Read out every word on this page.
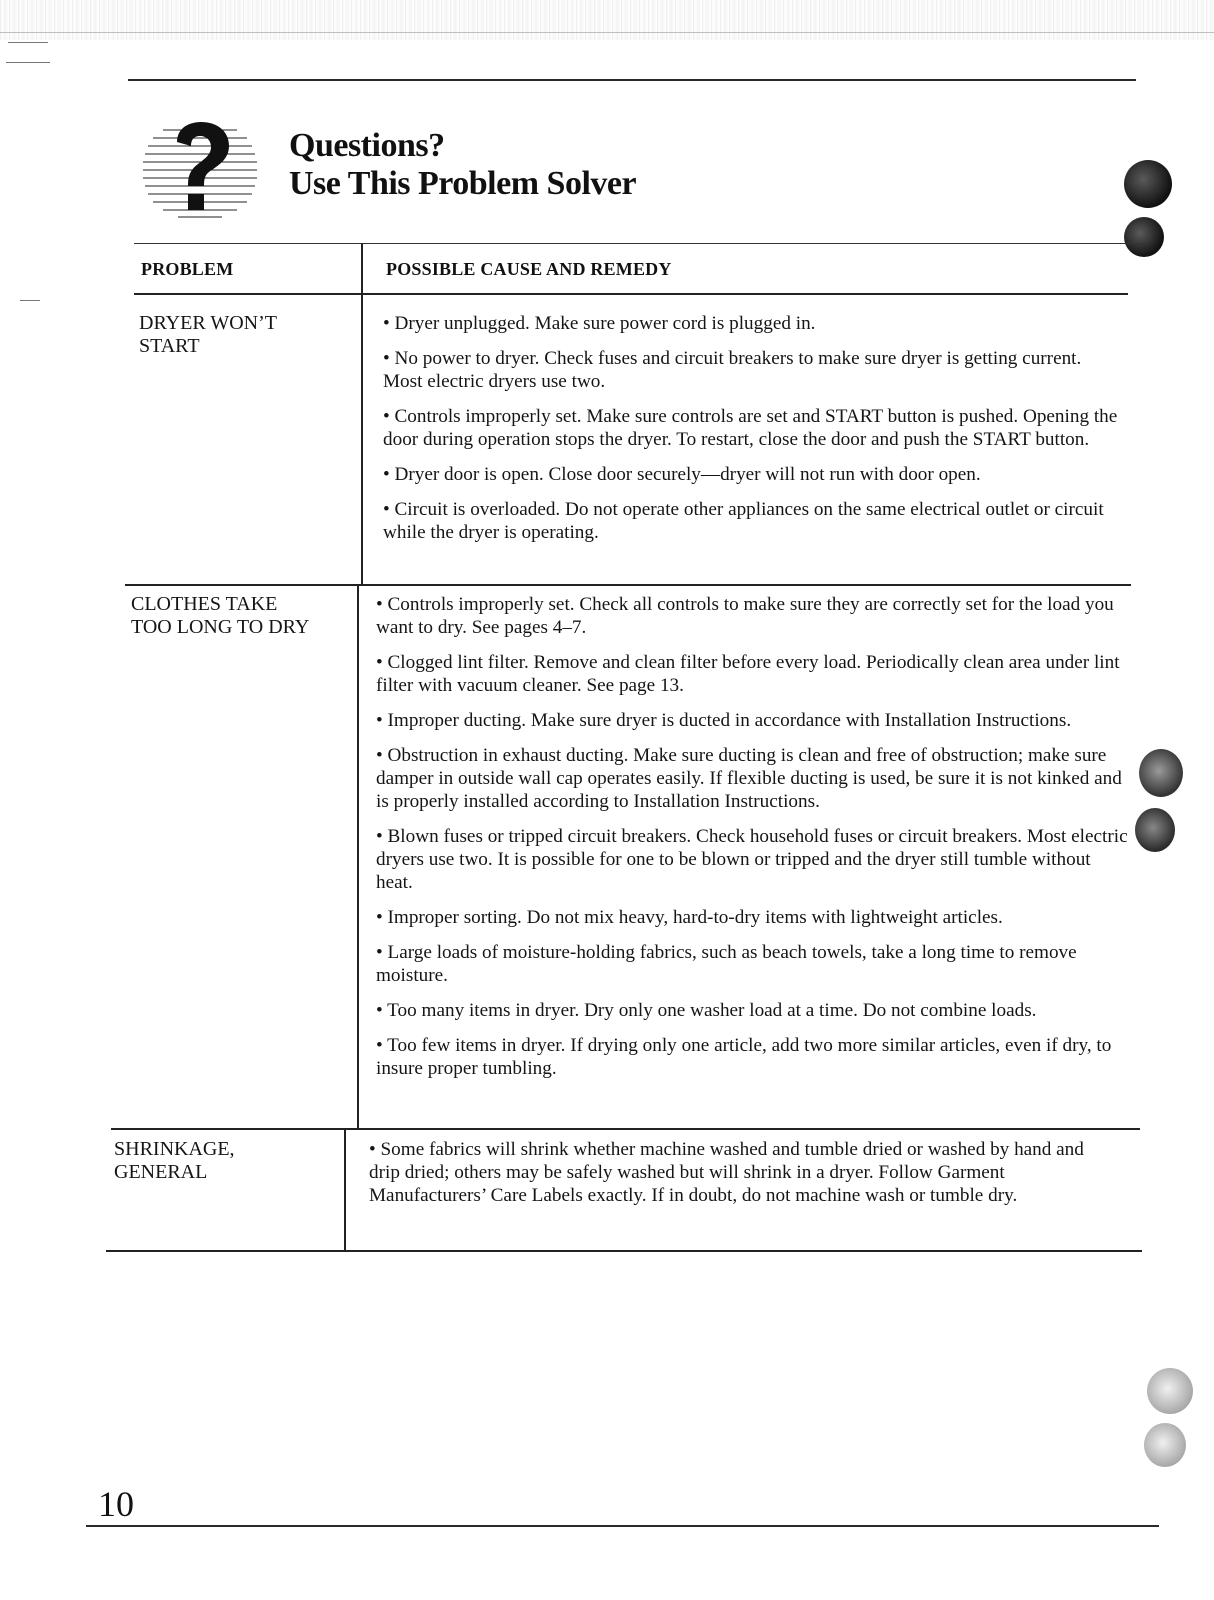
Questions?
Use This Problem Solver
PROBLEM	POSSIBLE CAUSE AND REMEDY
DRYER WON’T
START

• Dryer unplugged. Make sure power cord is plugged in.

• No power to dryer. Check fuses and circuit breakers to make sure dryer is getting current. Most electric dryers use two.

• Controls improperly set. Make sure controls are set and START button is pushed. Opening the door during operation stops the dryer. To restart, close the door and push the START button.

• Dryer door is open. Close door securely—dryer will not run with door open.

• Circuit is overloaded. Do not operate other appliances on the same electrical outlet or circuit while the dryer is operating.

CLOTHES TAKE
TOO LONG TO DRY

• Controls improperly set. Check all controls to make sure they are correctly set for the load you want to dry. See pages 4–7.

• Clogged lint filter. Remove and clean filter before every load. Periodically clean area under lint filter with vacuum cleaner. See page 13.

• Improper ducting. Make sure dryer is ducted in accordance with Installation Instructions.

• Obstruction in exhaust ducting. Make sure ducting is clean and free of obstruction; make sure damper in outside wall cap operates easily. If flexible ducting is used, be sure it is not kinked and is properly installed according to Installation Instructions.

• Blown fuses or tripped circuit breakers. Check household fuses or circuit breakers. Most electric dryers use two. It is possible for one to be blown or tripped and the dryer still tumble without heat.

• Improper sorting. Do not mix heavy, hard-to-dry items with lightweight articles.

• Large loads of moisture-holding fabrics, such as beach towels, take a long time to remove moisture.

• Too many items in dryer. Dry only one washer load at a time. Do not combine loads.

• Too few items in dryer. If drying only one article, add two more similar articles, even if dry, to insure proper tumbling.

SHRINKAGE,
GENERAL

• Some fabrics will shrink whether machine washed and tumble dried or washed by hand and drip dried; others may be safely washed but will shrink in a dryer. Follow Garment Manufacturers’ Care Labels exactly. If in doubt, do not machine wash or tumble dry.

10
